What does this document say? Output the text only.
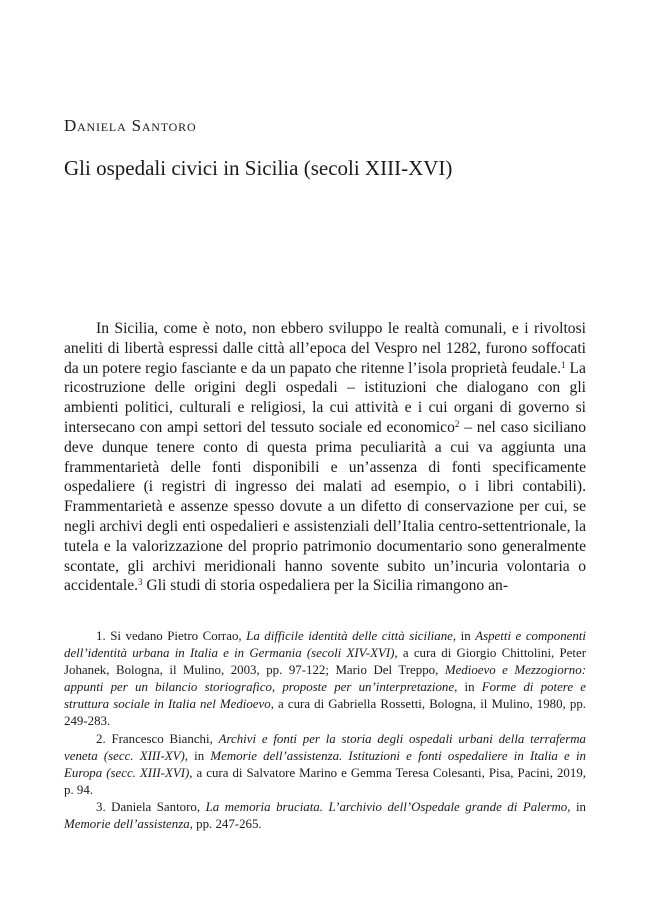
Daniela Santoro
Gli ospedali civici in Sicilia (secoli XIII-XVI)

In Sicilia, come è noto, non ebbero sviluppo le realtà comunali, e i rivoltosi aneliti di libertà espressi dalle città all’epoca del Vespro nel 1282, furono soffocati da un potere regio fasciante e da un papato che ritenne l’isola proprietà feudale.$^1$ La ricostruzione delle origini degli ospedali – istituzioni che dialogano con gli ambienti politici, culturali e religiosi, la cui attività e i cui organi di governo si intersecano con ampi settori del tessuto sociale ed economico$^2$ – nel caso siciliano deve dunque tenere conto di questa prima peculiarità a cui va aggiunta una frammentarietà delle fonti disponibili e un’assenza di fonti specificamente ospedaliere (i registri di ingresso dei malati ad esempio, o i libri contabili). Frammentarietà e assenze spesso dovute a un difetto di conservazione per cui, se negli archivi degli enti ospedalieri e assistenziali dell’Italia centro-settentrionale, la tutela e la valorizzazione del proprio patrimonio documentario sono generalmente scontate, gli archivi meridionali hanno sovente subito un’incuria volontaria o accidentale.$^3$ Gli studi di storia ospedaliera per la Sicilia rimangono an-

1. Si vedano Pietro Corrao, La difficile identità delle città siciliane, in Aspetti e componenti dell’identità urbana in Italia e in Germania (secoli XIV-XVI), a cura di Giorgio Chittolini, Peter Johanek, Bologna, il Mulino, 2003, pp. 97-122; Mario Del Treppo, Medioevo e Mezzogiorno: appunti per un bilancio storiografico, proposte per un’interpretazione, in Forme di potere e struttura sociale in Italia nel Medioevo, a cura di Gabriella Rossetti, Bologna, il Mulino, 1980, pp. 249-283.

2. Francesco Bianchi, Archivi e fonti per la storia degli ospedali urbani della terraferma veneta (secc. XIII-XV), in Memorie dell’assistenza. Istituzioni e fonti ospedaliere in Italia e in Europa (secc. XIII-XVI), a cura di Salvatore Marino e Gemma Teresa Colesanti, Pisa, Pacini, 2019, p. 94.

3. Daniela Santoro, La memoria bruciata. L’archivio dell’Ospedale grande di Palermo, in Memorie dell’assistenza, pp. 247-265.
